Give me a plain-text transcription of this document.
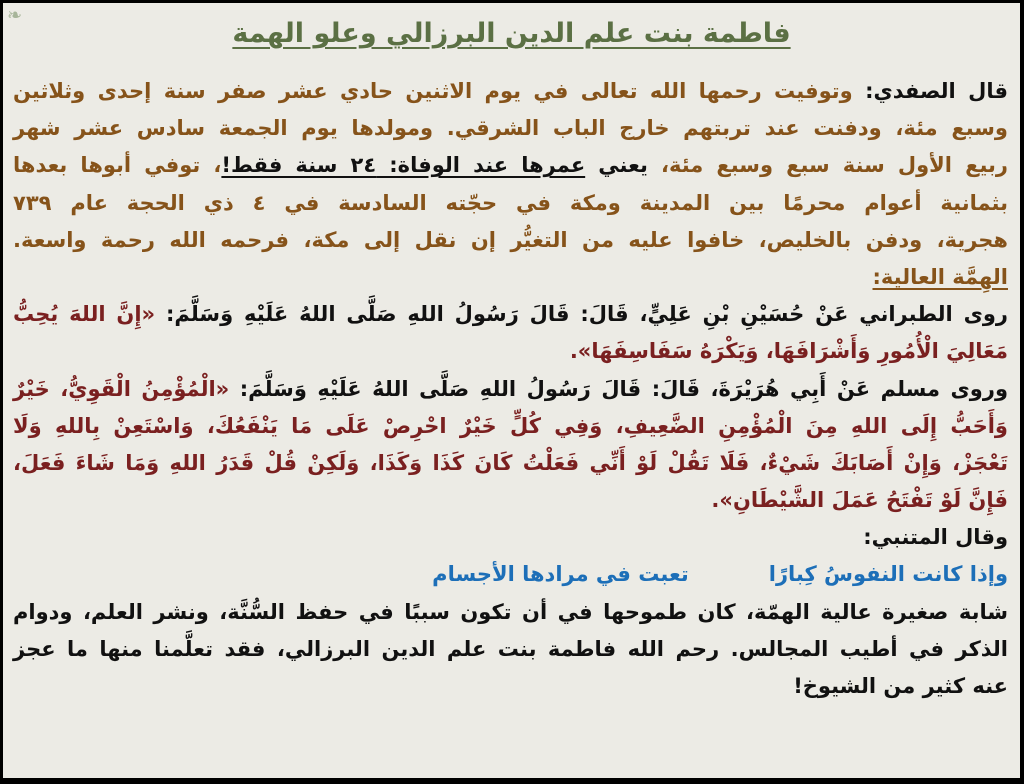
❧
فاطمة بنت علم الدين البرزالي وعلو الهمة
قال الصفدي: وتوفيت رحمها الله تعالى في يوم الاثنين حادي عشر صفر سنة إحدى وثلاثين
وسبع مئة، ودفنت عند تربتهم خارج الباب الشرقي. ومولدها يوم الجمعة سادس عشر شهر
ربيع الأول سنة سبع وسبع مئة، يعني عمرها عند الوفاة: ٢٤ سنة فقط!، توفي أبوها بعدها
بثمانية أعوام محرمًا بين المدينة ومكة في حجّته السادسة في ٤ ذي الحجة عام ٧٣٩
هجرية، ودفن بالخليص، خافوا عليه من التغيُّر إن نقل إلى مكة، فرحمه الله رحمة واسعة.
الهِمَّة العالية:
روى الطبراني عَنْ حُسَيْنِ بْنِ عَلِيٍّ، قَالَ: قَالَ رَسُولُ اللهِ صَلَّى اللهُ عَلَيْهِ وَسَلَّمَ: «إِنَّ اللهَ يُحِبُّ
مَعَالِيَ الْأُمُورِ وَأَشْرَافَهَا، وَيَكْرَهُ سَفَاسِفَهَا».
وروى مسلم عَنْ أَبِي هُرَيْرَةَ، قَالَ: قَالَ رَسُولُ اللهِ صَلَّى اللهُ عَلَيْهِ وَسَلَّمَ: «الْمُؤْمِنُ الْقَوِيُّ، خَيْرٌ
وَأَحَبُّ إِلَى اللهِ مِنَ الْمُؤْمِنِ الضَّعِيفِ، وَفِي كُلٍّ خَيْرٌ احْرِصْ عَلَى مَا يَنْفَعُكَ، وَاسْتَعِنْ بِاللهِ وَلَا
تَعْجَزْ، وَإِنْ أَصَابَكَ شَيْءٌ، فَلَا تَقُلْ لَوْ أَنِّي فَعَلْتُ كَانَ كَذَا وَكَذَا، وَلَكِنْ قُلْ قَدَرُ اللهِ وَمَا شَاءَ فَعَلَ،
فَإِنَّ لَوْ تَفْتَحُ عَمَلَ الشَّيْطَانِ».
وقال المتنبي:
وإذا كانت النفوسُ كِبارًاتعبت في مرادها الأجسام
شابة صغيرة عالية الهمّة، كان طموحها في أن تكون سببًا في حفظ السُّنَّة، ونشر العلم، ودوام
الذكر في أطيب المجالس. رحم الله فاطمة بنت علم الدين البرزالي، فقد تعلَّمنا منها ما عجز
عنه كثير من الشيوخ!
